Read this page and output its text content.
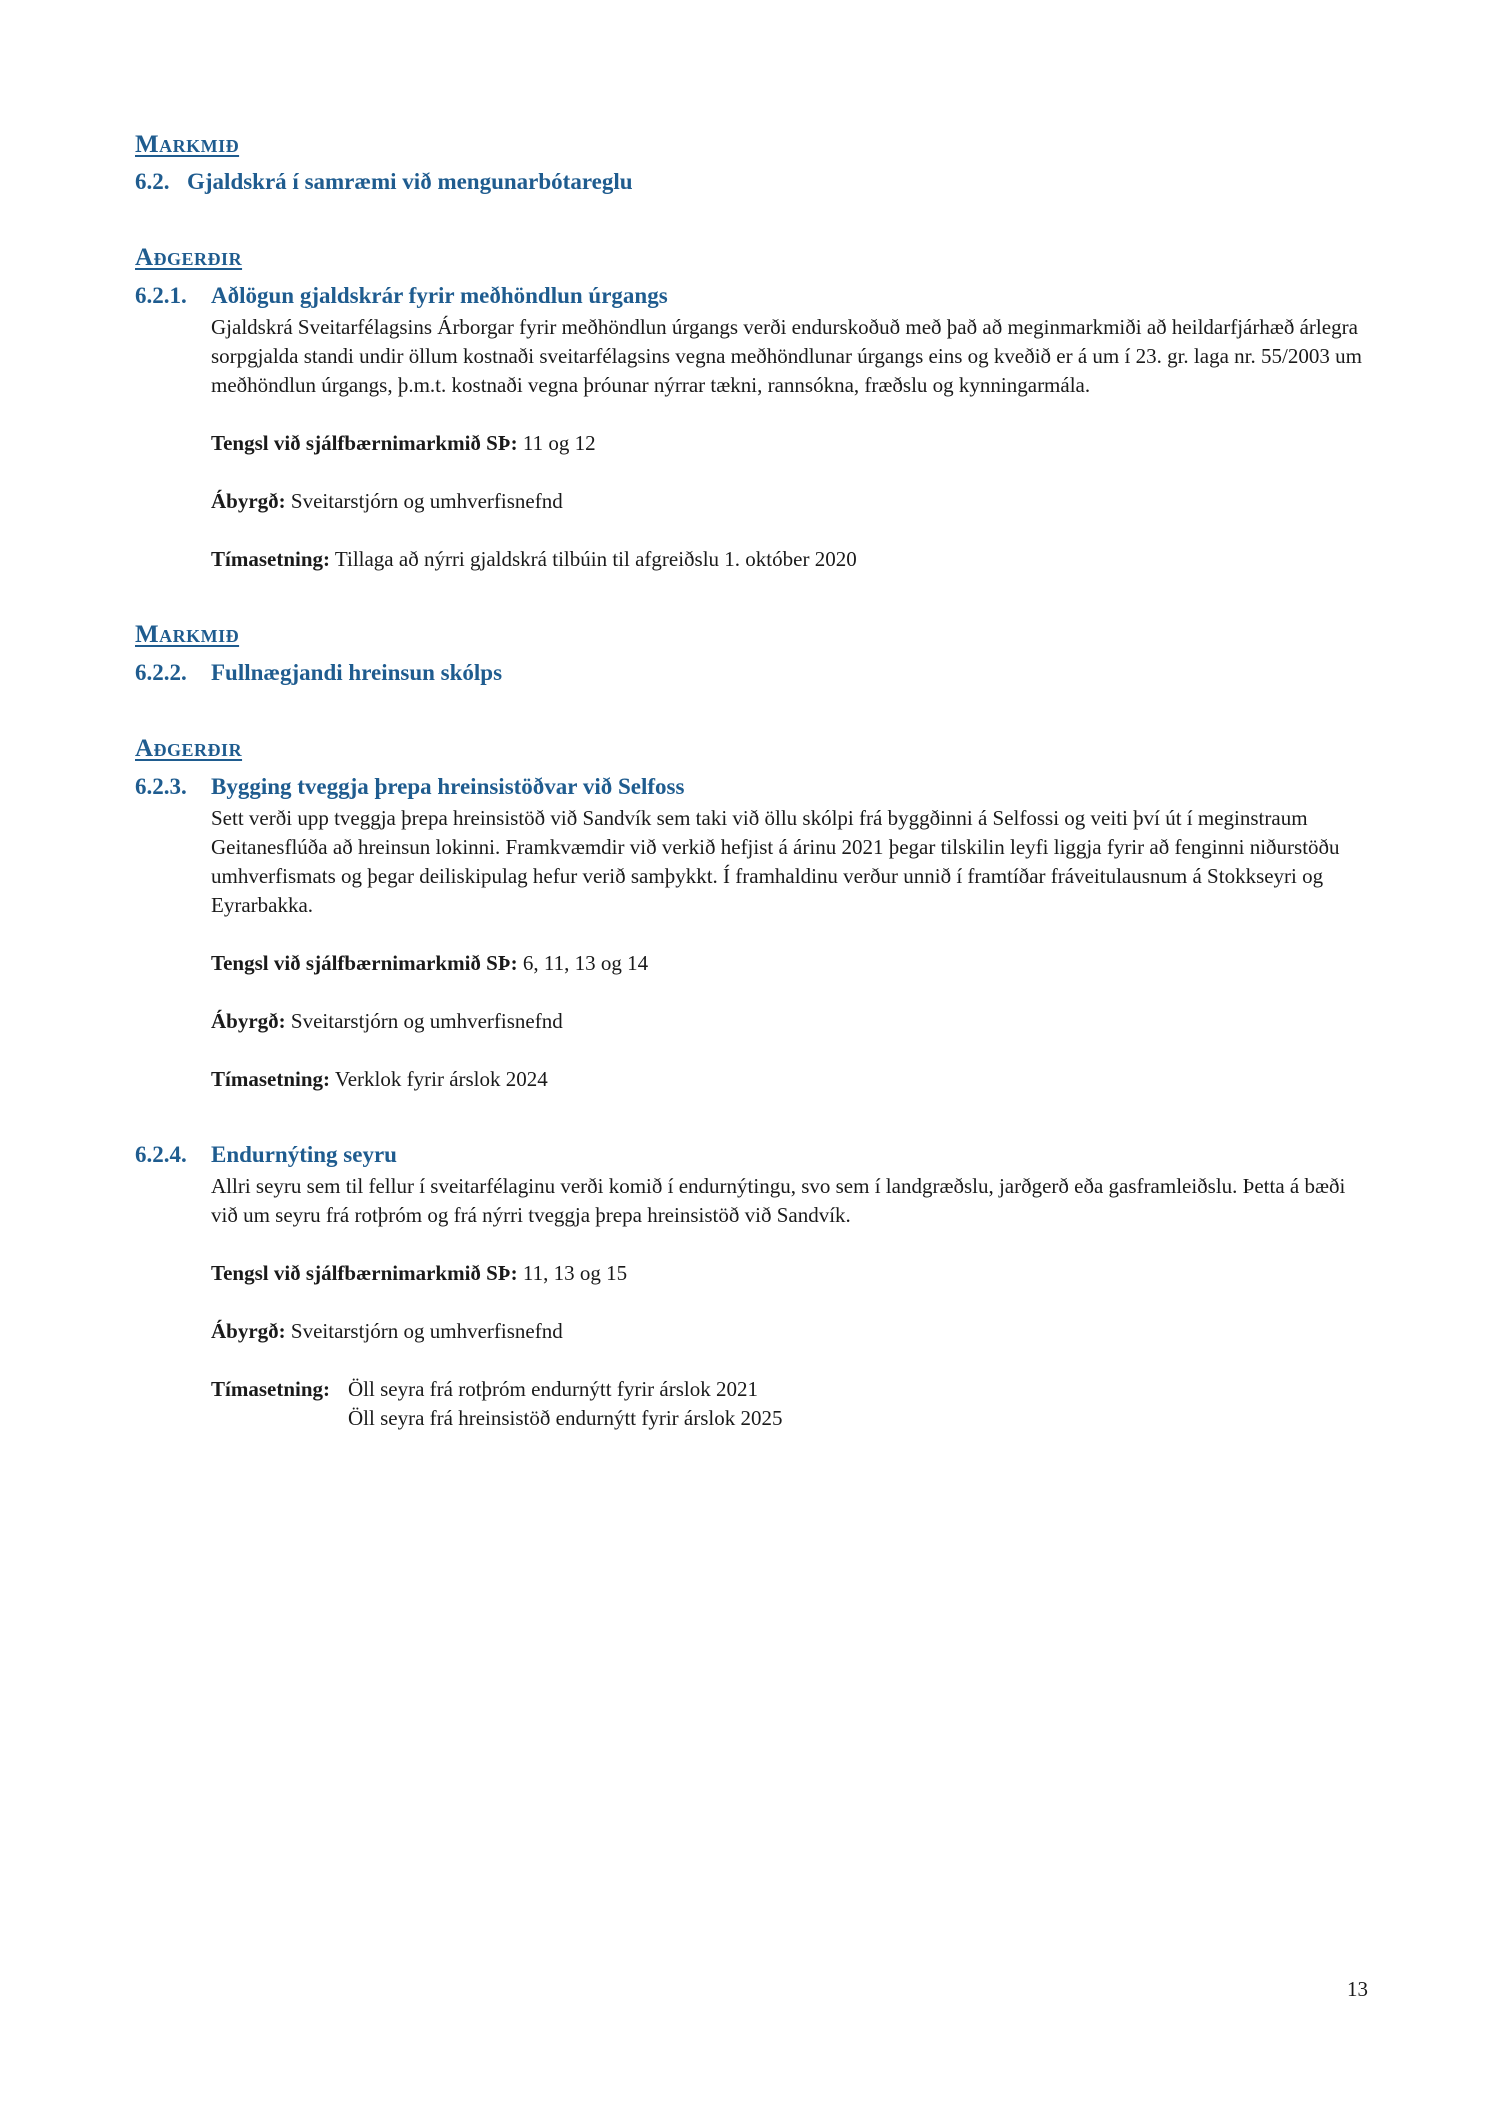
Markmið
6.2. Gjaldskrá í samræmi við mengunarbótareglu
Aðgerðir
6.2.1.	Aðlögun gjaldskrár fyrir meðhöndlun úrgangs

Gjaldskrá Sveitarfélagsins Árborgar fyrir meðhöndlun úrgangs verði endurskoðuð með það að meginmarkmiði að heildarfjárhæð árlegra sorpgjalda standi undir öllum kostnaði sveitarfélagsins vegna meðhöndlunar úrgangs eins og kveðið er á um í 23. gr. laga nr. 55/2003 um meðhöndlun úrgangs, þ.m.t. kostnaði vegna þróunar nýrrar tækni, rannsókna, fræðslu og kynningarmála.

Tengsl við sjálfbærnimarkmið SÞ: 11 og 12

Ábyrgð: Sveitarstjórn og umhverfisnefnd

Tímasetning: Tillaga að nýrri gjaldskrá tilbúin til afgreiðslu 1. október 2020

Markmið
6.2.2.	Fullnægjandi hreinsun skólps
Aðgerðir
6.2.3.	Bygging tveggja þrepa hreinsistöðvar við Selfoss

Sett verði upp tveggja þrepa hreinsistöð við Sandvík sem taki við öllu skólpi frá byggðinni á Selfossi og veiti því út í meginstraum Geitanesflúða að hreinsun lokinni. Framkvæmdir við verkið hefjist á árinu 2021 þegar tilskilin leyfi liggja fyrir að fenginni niðurstöðu umhverfismats og þegar deiliskipulag hefur verið samþykkt. Í framhaldinu verður unnið í framtíðar fráveitulausnum á Stokkseyri og Eyrarbakka.

Tengsl við sjálfbærnimarkmið SÞ: 6, 11, 13 og 14

Ábyrgð: Sveitarstjórn og umhverfisnefnd

Tímasetning: Verklok fyrir árslok 2024

6.2.4.	Endurnýting seyru

Allri seyru sem til fellur í sveitarfélaginu verði komið í endurnýtingu, svo sem í landgræðslu, jarðgerð eða gasframleiðslu. Þetta á bæði við um seyru frá rotþróm og frá nýrri tveggja þrepa hreinsistöð við Sandvík.

Tengsl við sjálfbærnimarkmið SÞ: 11, 13 og 15

Ábyrgð: Sveitarstjórn og umhverfisnefnd

Tímasetning: Öll seyra frá rotþróm endurnýtt fyrir árslok 2021
Öll seyra frá hreinsistöð endurnýtt fyrir árslok 2025

13
